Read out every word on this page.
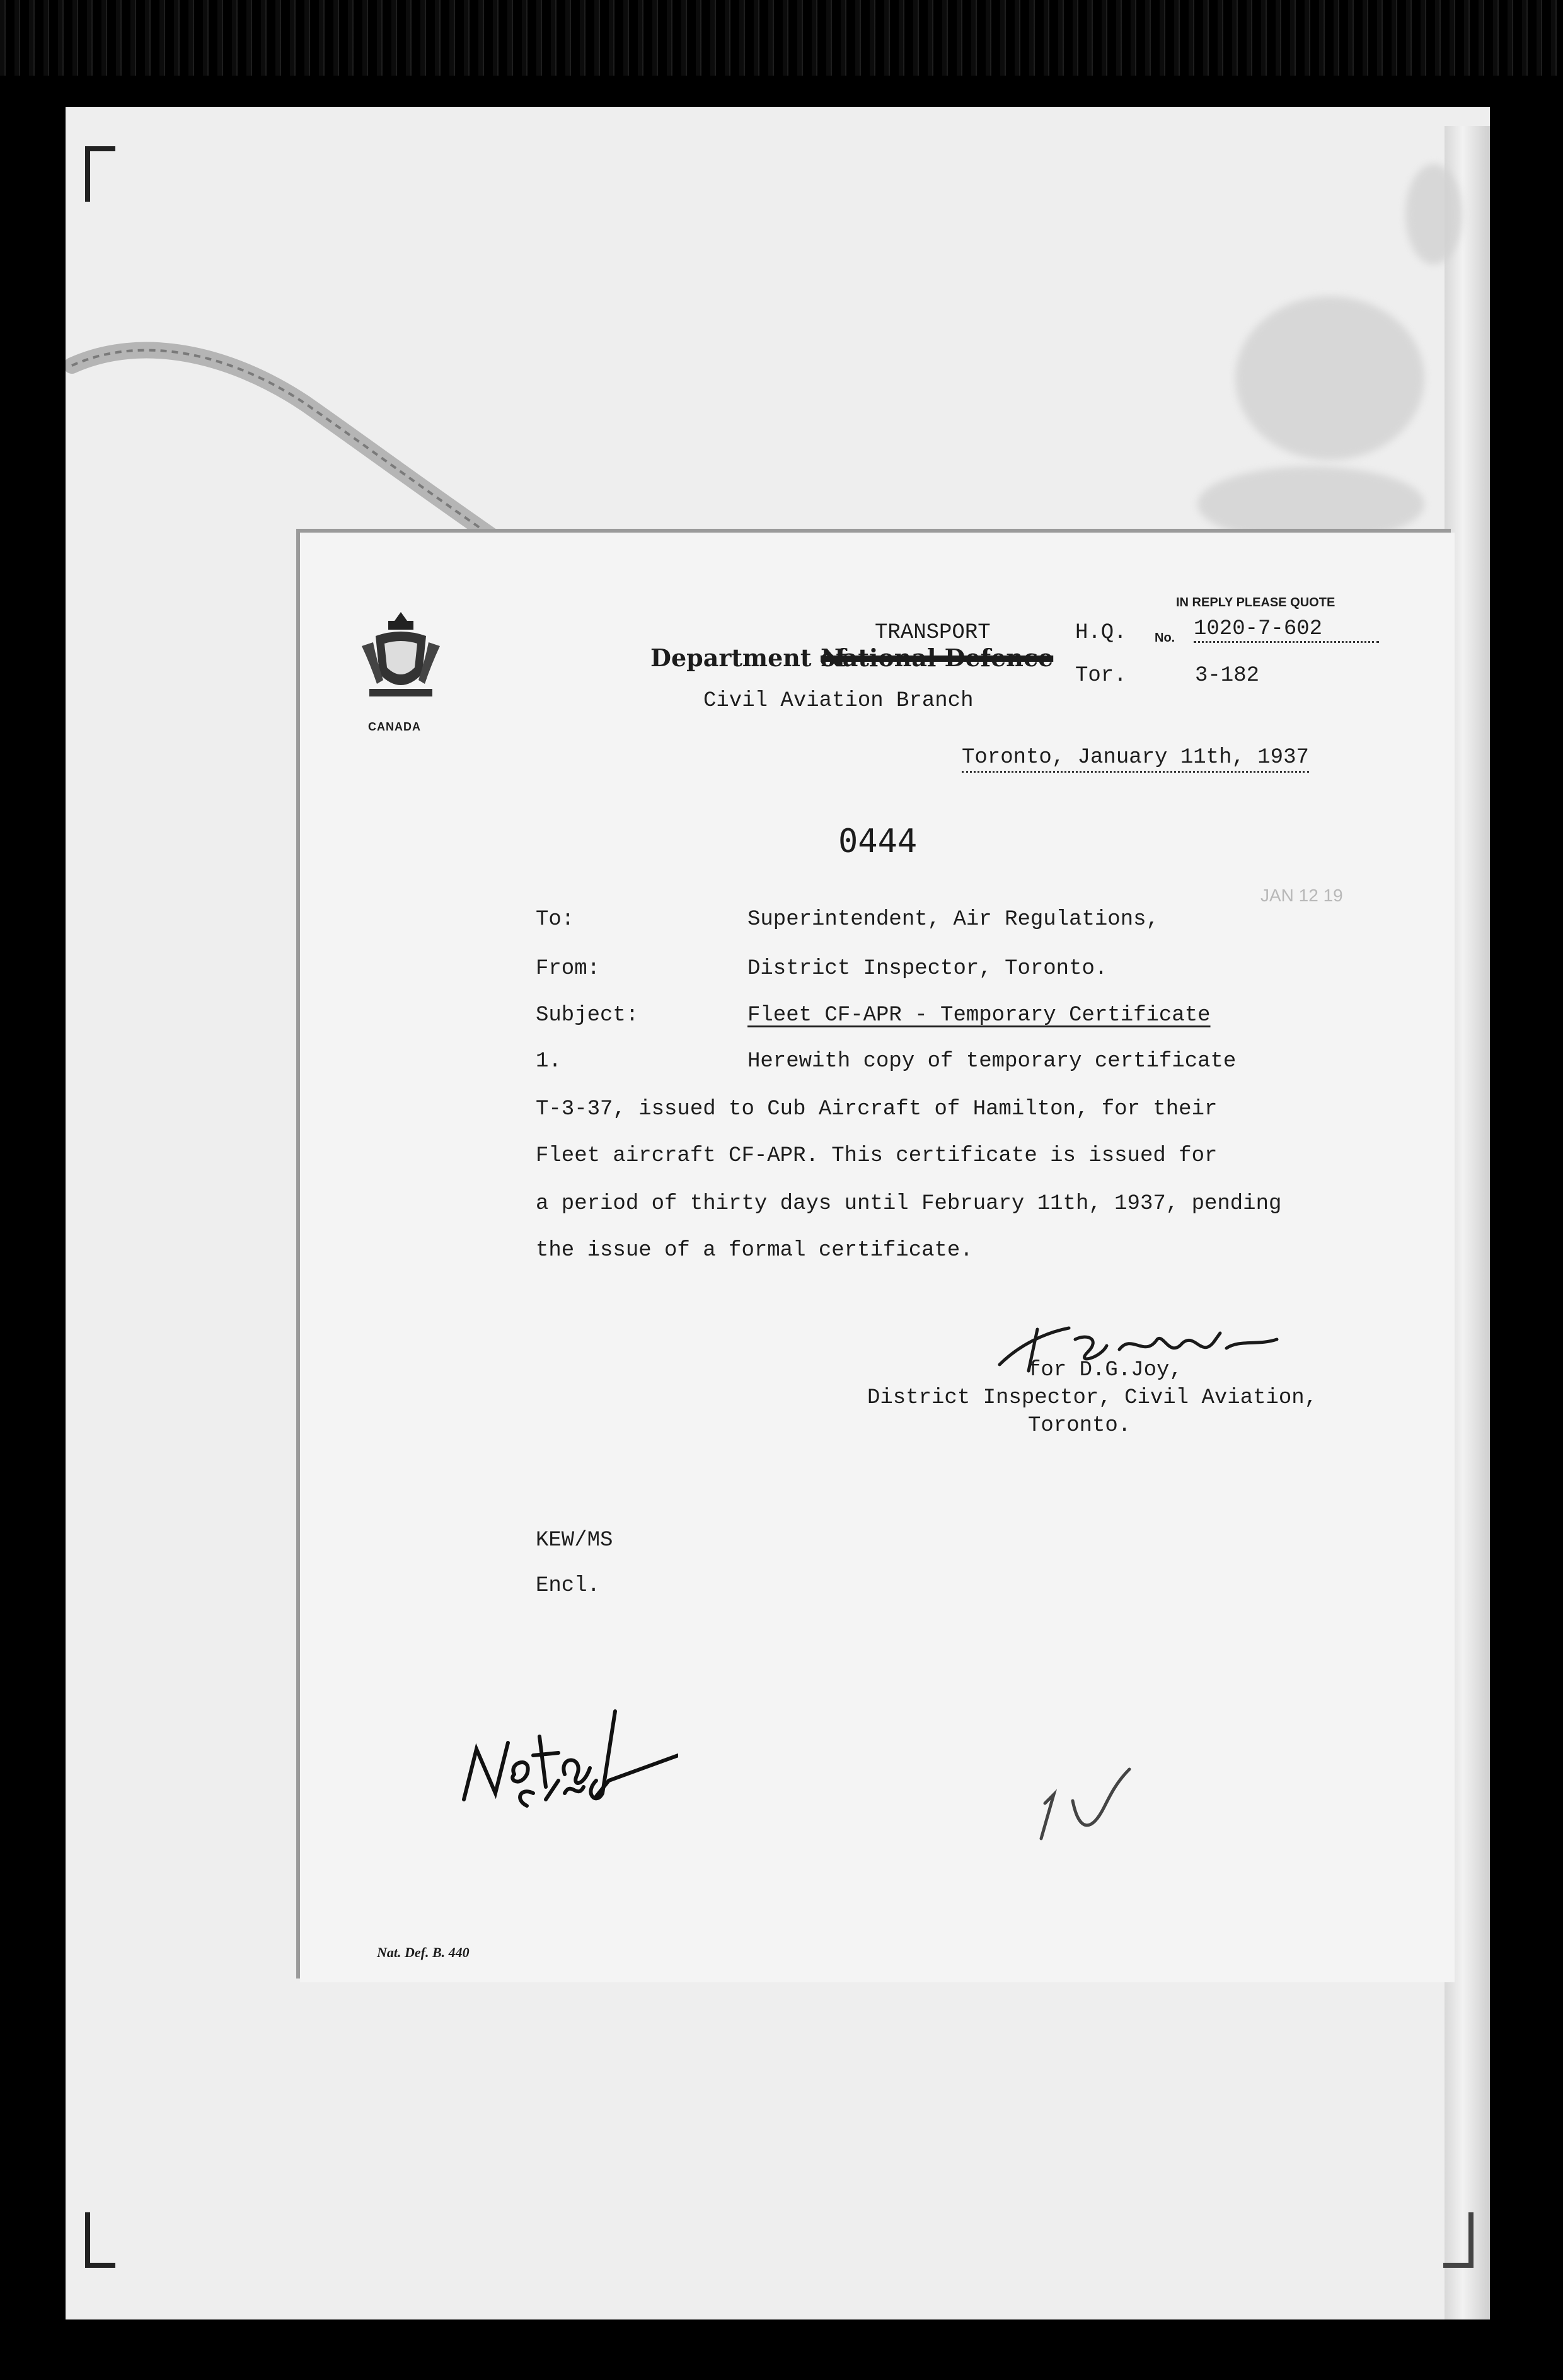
CANADA
IN REPLY PLEASE QUOTE
TRANSPORT
Department of
National Defence
Civil Aviation Branch
H.Q. No. 1020-7-602
Tor.	3-182
Toronto, January 11th, 1937
0444
JAN 12 19
To:	Superintendent, Air Regulations,
From:	District Inspector, Toronto.
Subject:	Fleet CF-APR - Temporary Certificate
1.	Herewith copy of temporary certificate
T-3-37, issued to Cub Aircraft of Hamilton, for their
Fleet aircraft CF-APR. This certificate is issued for
a period of thirty days until February 11th, 1937, pending
the issue of a formal certificate.
for D.G.Joy,
District Inspector, Civil Aviation,
Toronto.
KEW/MS
Encl.
12
Nat. Def. B. 440
